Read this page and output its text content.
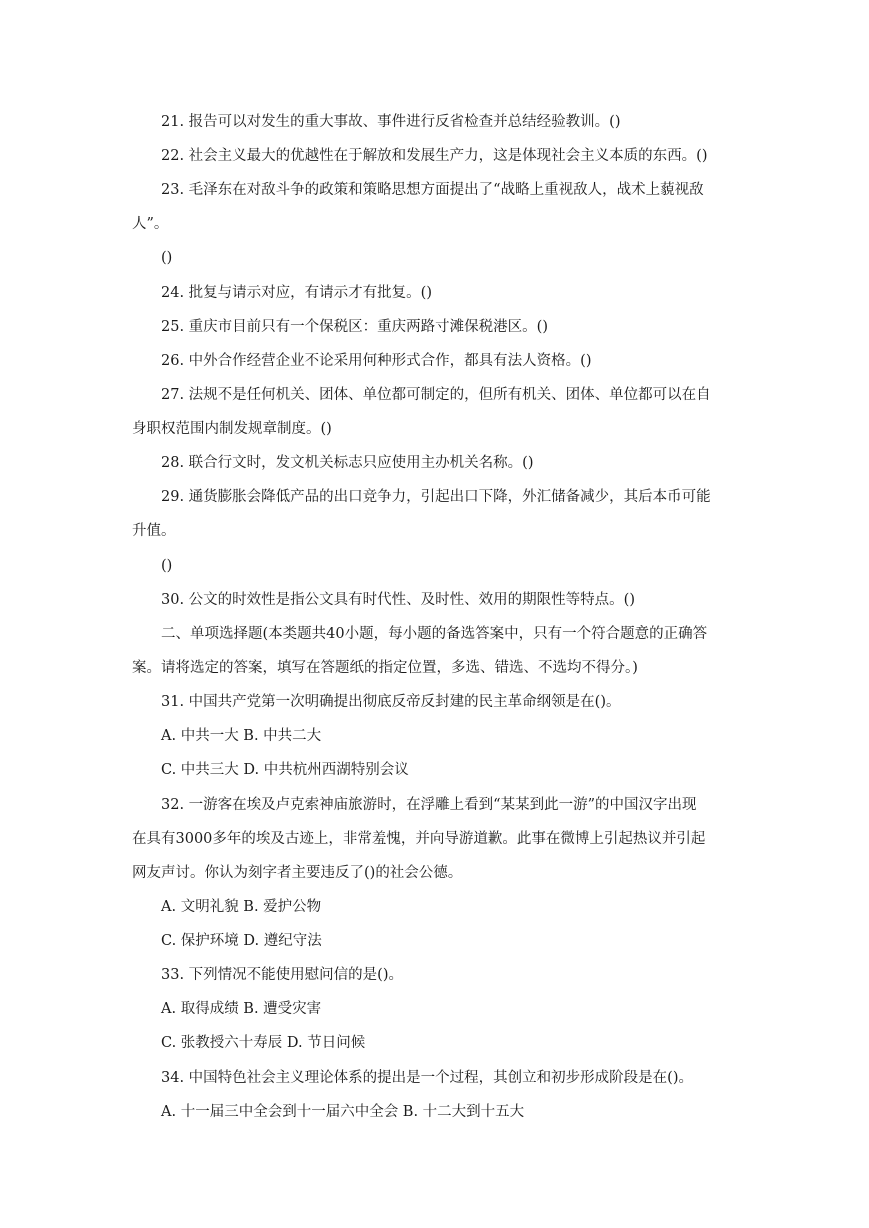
21. 报告可以对发生的重大事故、事件进行反省检查并总结经验教训。()
22. 社会主义最大的优越性在于解放和发展生产力，这是体现社会主义本质的东西。()
23. 毛泽东在对敌斗争的政策和策略思想方面提出了“战略上重视敌人，战术上藐视敌
人”。
()
24. 批复与请示对应，有请示才有批复。()
25. 重庆市目前只有一个保税区：重庆两路寸滩保税港区。()
26. 中外合作经营企业不论采用何种形式合作，都具有法人资格。()
27. 法规不是任何机关、团体、单位都可制定的，但所有机关、团体、单位都可以在自
身职权范围内制发规章制度。()
28. 联合行文时，发文机关标志只应使用主办机关名称。()
29. 通货膨胀会降低产品的出口竞争力，引起出口下降，外汇储备减少，其后本币可能
升值。
()
30. 公文的时效性是指公文具有时代性、及时性、效用的期限性等特点。()
二、单项选择题(本类题共40小题，每小题的备选答案中，只有一个符合题意的正确答
案。请将选定的答案，填写在答题纸的指定位置，多选、错选、不选均不得分。)
31. 中国共产党第一次明确提出彻底反帝反封建的民主革命纲领是在()。
A. 中共一大 B. 中共二大
C. 中共三大 D. 中共杭州西湖特别会议
32. 一游客在埃及卢克索神庙旅游时，在浮雕上看到“某某到此一游”的中国汉字出现
在具有3000多年的埃及古迹上，非常羞愧，并向导游道歉。此事在微博上引起热议并引起
网友声讨。你认为刻字者主要违反了()的社会公德。
A. 文明礼貌 B. 爱护公物
C. 保护环境 D. 遵纪守法
33. 下列情况不能使用慰问信的是()。
A. 取得成绩 B. 遭受灾害
C. 张教授六十寿辰 D. 节日问候
34. 中国特色社会主义理论体系的提出是一个过程，其创立和初步形成阶段是在()。
A. 十一届三中全会到十一届六中全会 B. 十二大到十五大
